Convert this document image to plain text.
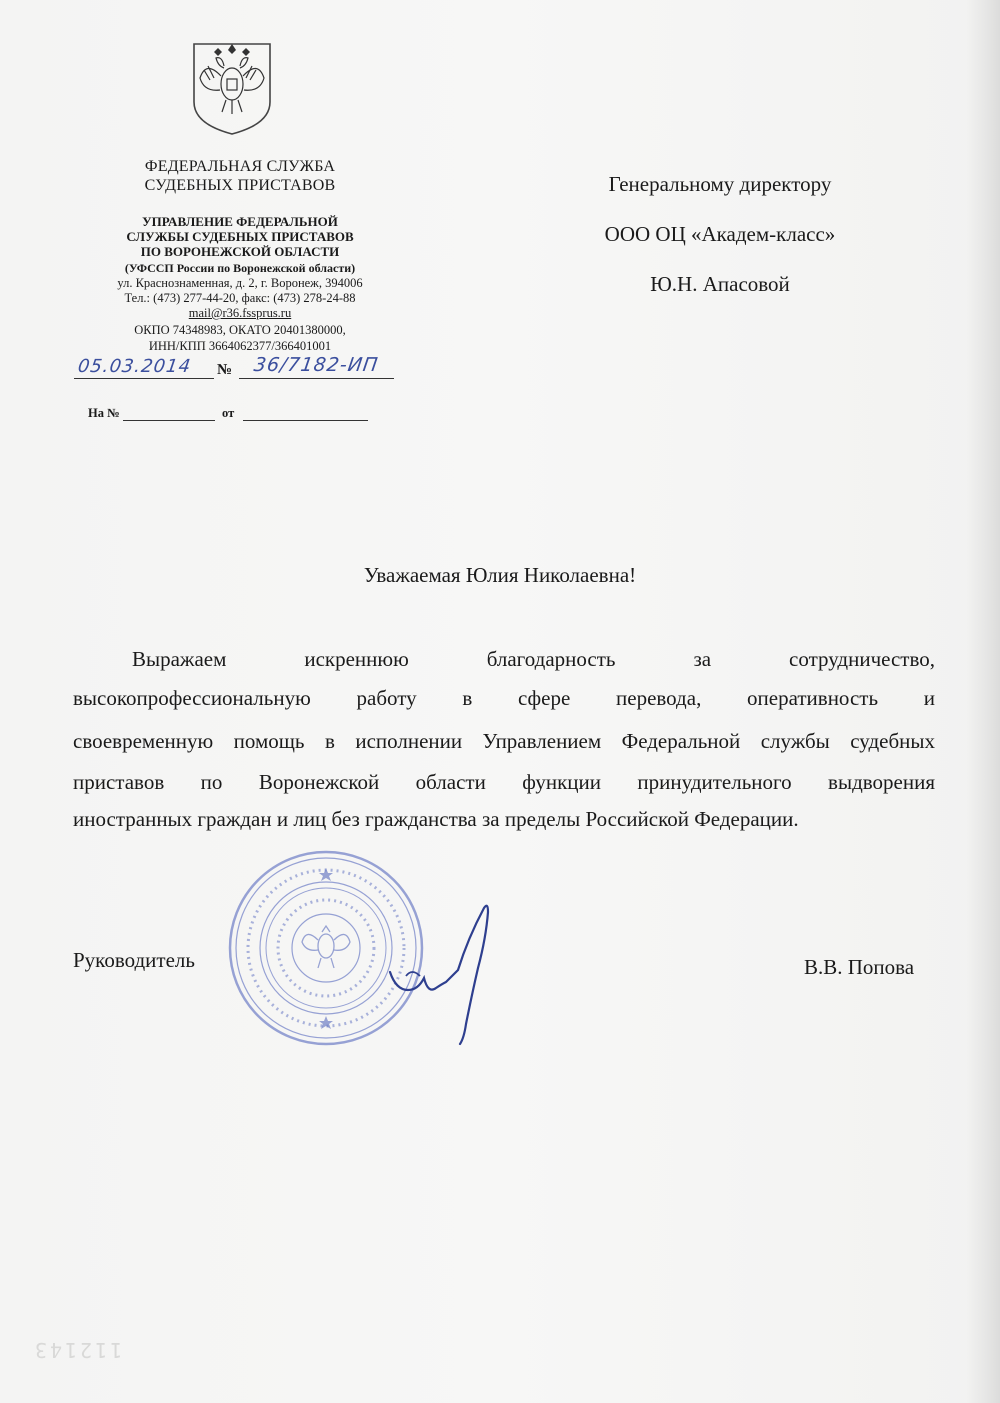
ФЕДЕРАЛЬНАЯ СЛУЖБА
СУДЕБНЫХ ПРИСТАВОВ
УПРАВЛЕНИЕ ФЕДЕРАЛЬНОЙ
СЛУЖБЫ СУДЕБНЫХ ПРИСТАВОВ
ПО ВОРОНЕЖСКОЙ ОБЛАСТИ
(УФССП России по Воронежской области)
ул. Краснознаменная, д. 2, г. Воронеж, 394006
Тел.: (473) 277-44-20, факс: (473) 278-24-88
mail@r36.fssprus.ru
ОКПО 74348983, ОКАТО 20401380000,
ИНН/КПП 3664062377/366401001
05.03.2014 № 36/7182-ИП
На №	от
Генеральному директору
ООО ОЦ «Академ-класс»
Ю.Н. Апасовой
Уважаемая Юлия Николаевна!
Выражаем искреннюю благодарность за сотрудничество,
высокопрофессиональную работу в сфере перевода, оперативность и
своевременную помощь в исполнении Управлением Федеральной службы судебных
приставов по Воронежской области функции принудительного выдворения
иностранных граждан и лиц без гражданства за пределы Российской Федерации.
Руководитель	В.В. Попова
112143
